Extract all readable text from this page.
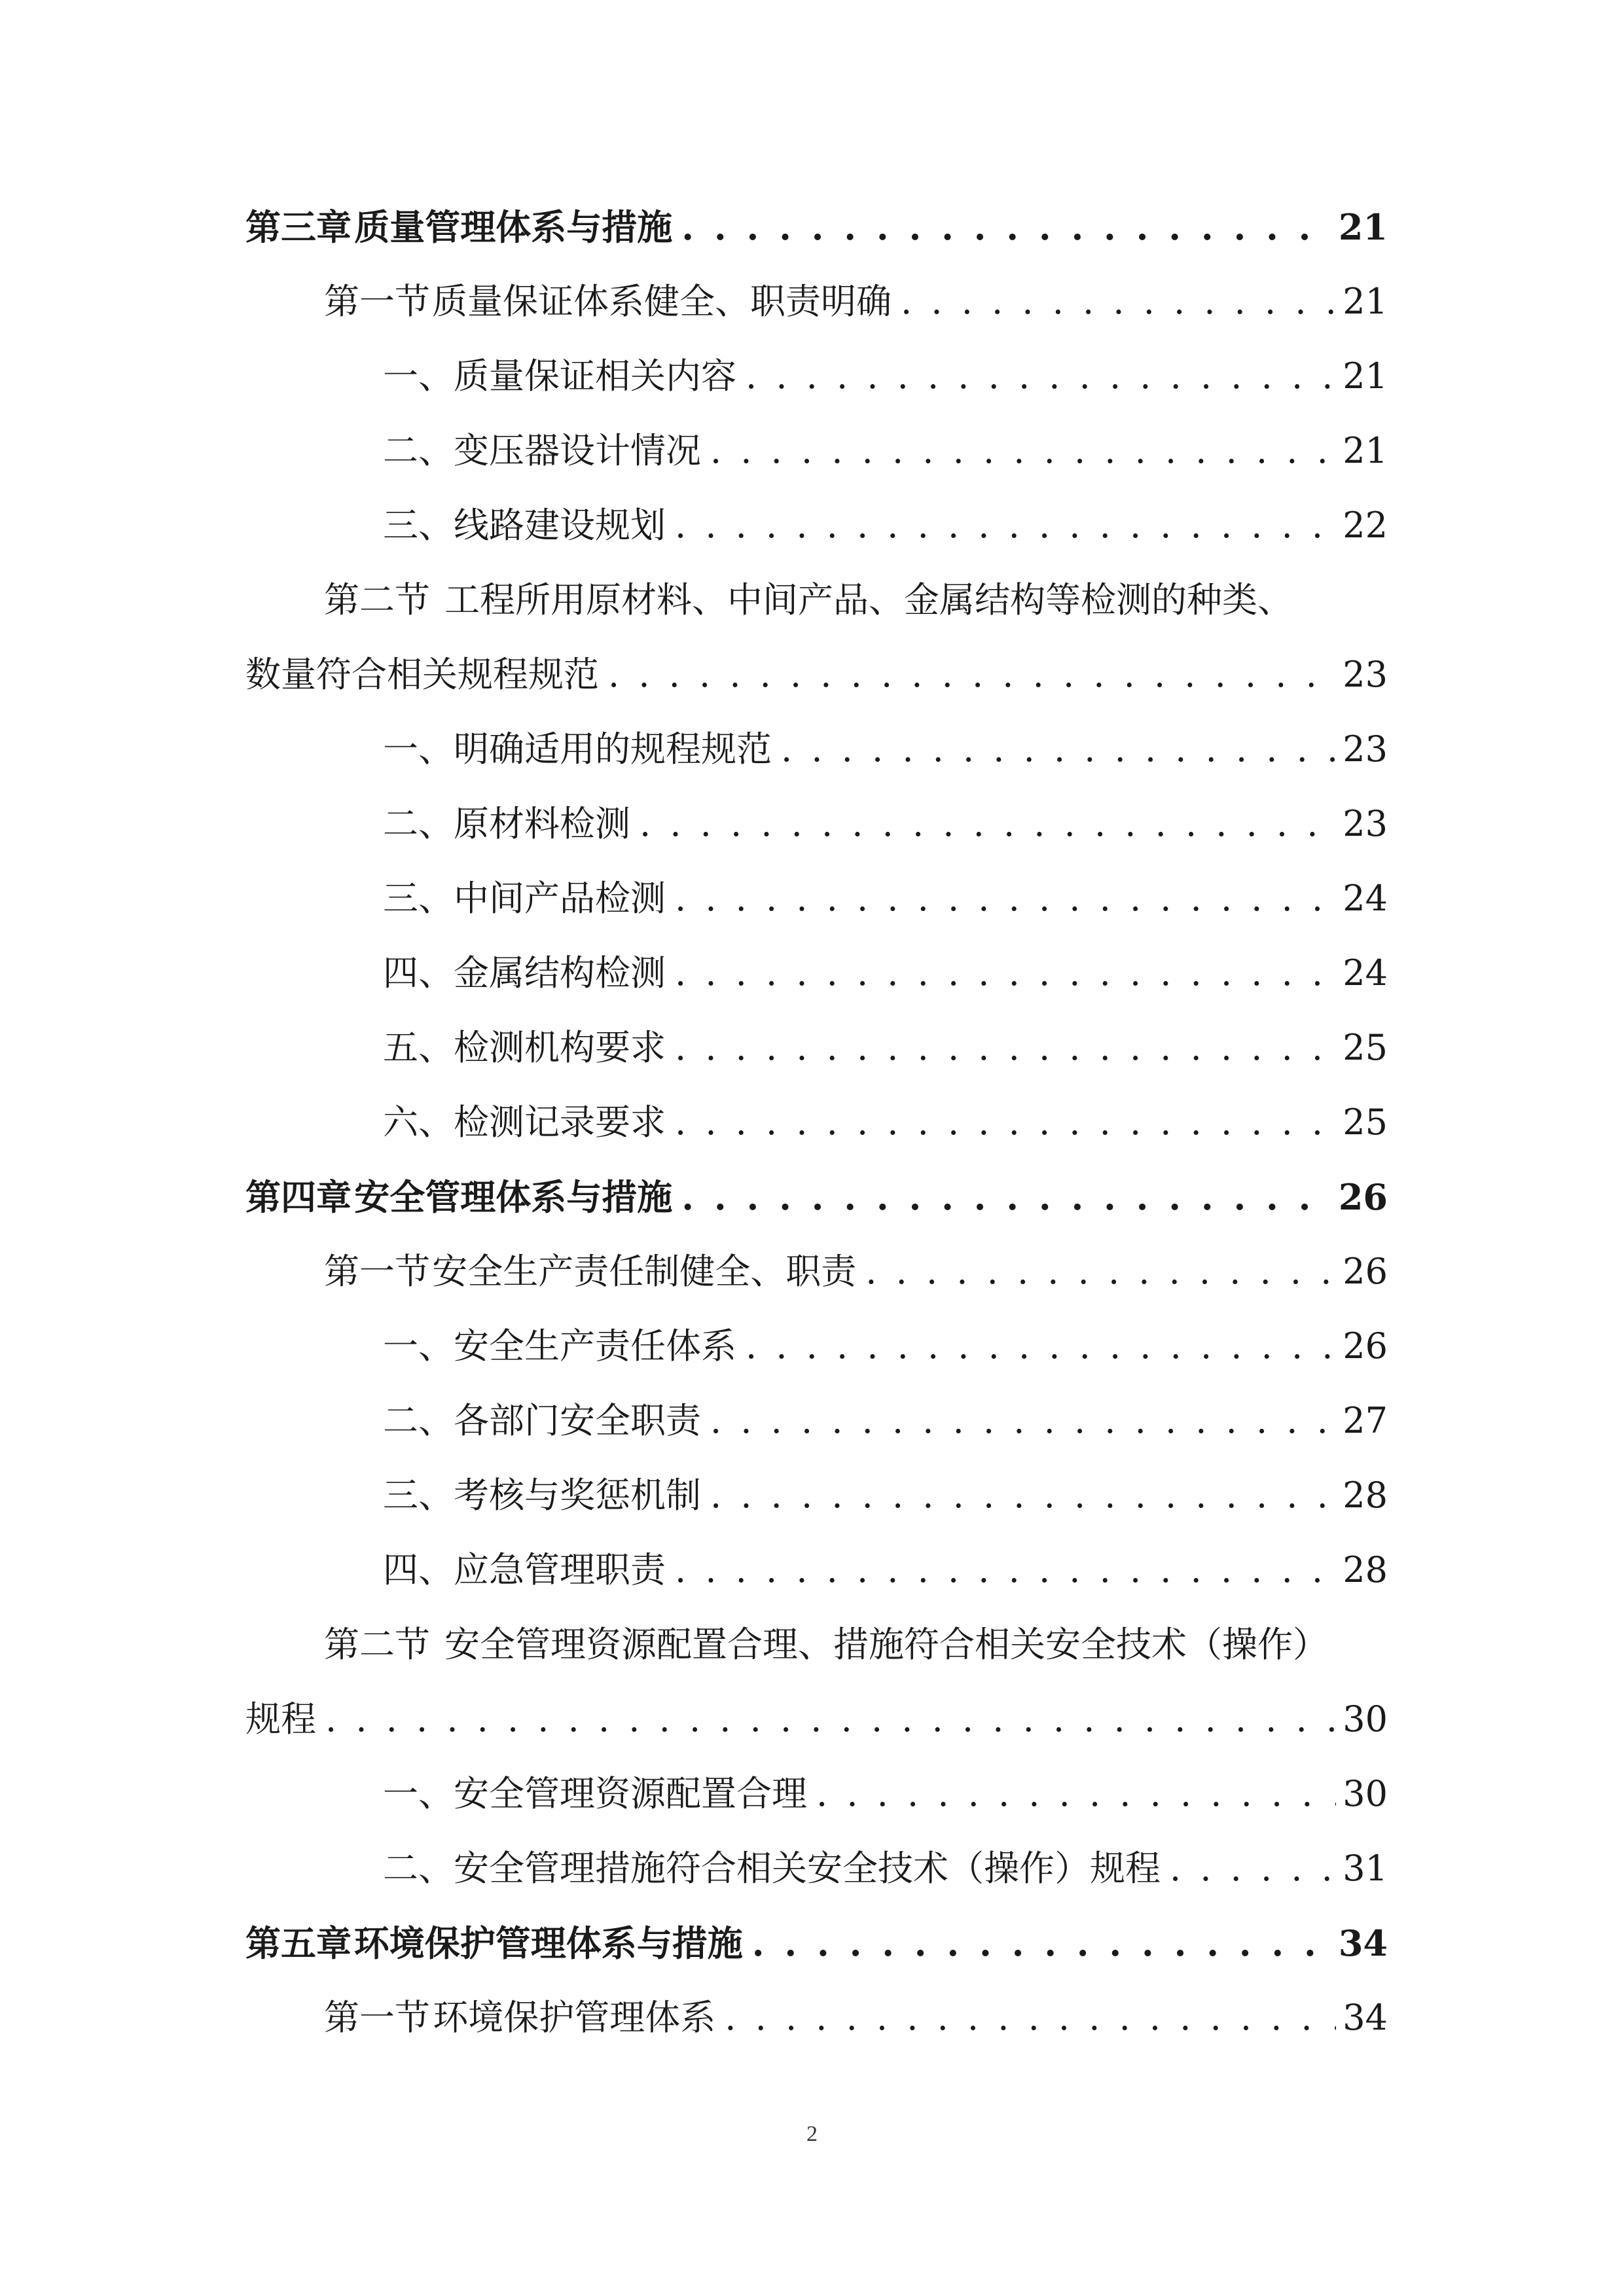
第三章 质量管理体系与措施 . . .	21
第一节 质量保证体系健全、职责明确 . . .	21
一、 质量保证相关内容 . . .	21
二、 变压器设计情况 . . .	21
三、 线路建设规划 . . .	22
第二节 工程所用原材料、中间产品、金属结构等检测的种类、
数量符合相关规程规范 . . .	23
一、 明确适用的规程规范 . . .	23
二、 原材料检测 . . .	23
三、 中间产品检测 . . .	24
四、 金属结构检测 . . .	24
五、 检测机构要求 . . .	25
六、 检测记录要求 . . .	25
第四章 安全管理体系与措施 . . .	26
第一节 安全生产责任制健全、职责 . . .	26
一、 安全生产责任体系 . . .	26
二、 各部门安全职责 . . .	27
三、 考核与奖惩机制 . . .	28
四、 应急管理职责 . . .	28
第二节 安全管理资源配置合理、措施符合相关安全技术（操作）
规程 . . .	30
一、 安全管理资源配置合理 . . .	30
二、 安全管理措施符合相关安全技术（操作）规程 . . .	31
第五章 环境保护管理体系与措施 . . .	34
第一节 环境保护管理体系 . . .	34
2
